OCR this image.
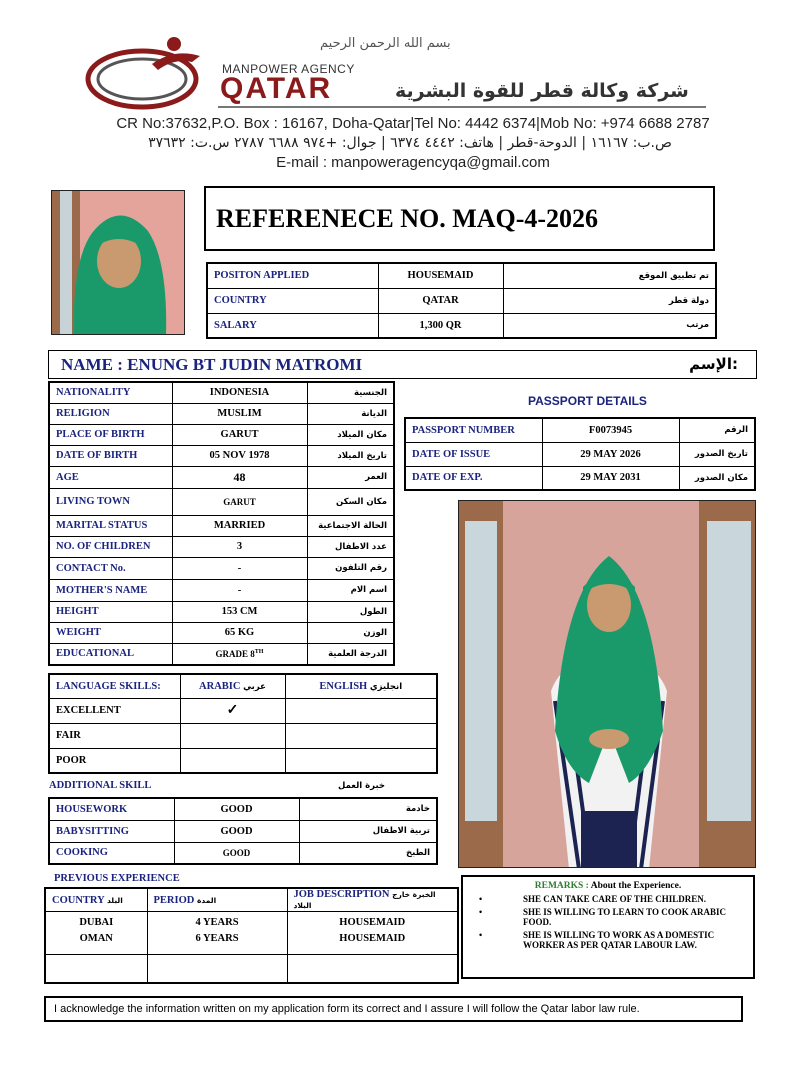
بسم الله الرحمن الرحيم
MANPOWER AGENCY
QATAR	شركة وكالة قطر للقوة البشرية
CR No:37632,P.O. Box : 16167, Doha-Qatar|Tel No: 4442 6374|Mob No: +974 6688 2787
ص.ب: ١٦١٦٧ | الدوحة-قطر | هاتف: ٤٤٤٢ ٦٣٧٤ | جوال: +٩٧٤ ٦٦٨٨ ٢٧٨٧ س.ت: ٣٧٦٣٢
E-mail : manpoweragencyqa@gmail.com
REFERENECE NO. MAQ-4-2026
POSITON APPLIED	HOUSEMAID	تم تطبيق الموقع
COUNTRY	QATAR	دولة قطر
SALARY	1,300 QR	مرتب
NAME : ENUNG BT JUDIN MATROMI	الإسم:
NATIONALITY	INDONESIA	الجنسية
RELIGION	MUSLIM	الديانة
PLACE OF BIRTH	GARUT	مكان الميلاد
DATE OF BIRTH	05 NOV 1978	تاريخ الميلاد
AGE	48	العمر
LIVING TOWN	GARUT	مكان السكن
MARITAL STATUS	MARRIED	الحالة الاجتماعية
NO. OF CHILDREN	3	عدد الاطفال
CONTACT No.	-	رقم التلفون
MOTHER'S NAME	-	اسم الام
HEIGHT	153 CM	الطول
WEIGHT	65 KG	الوزن
EDUCATIONAL	GRADE 8TH	الدرجة العلمية
PASSPORT DETAILS
PASSPORT NUMBER	F0073945	الرقم
DATE OF ISSUE	29 MAY 2026	تاريخ الصدور
DATE OF EXP.	29 MAY 2031	مكان الصدور
LANGUAGE SKILLS:	ARABIC عربي	ENGLISH انجليزي
EXCELLENT	✓	
FAIR		
POOR		
ADDITIONAL SKILL	خبرة العمل
HOUSEWORK	GOOD	خادمة
BABYSITTING	GOOD	تربية الاطفال
COOKING	GOOD	الطبخ
PREVIOUS EXPERIENCE
COUNTRY البلد	PERIOD المدة	JOB DESCRIPTION الخبرة خارج البلاد
DUBAI	4 YEARS	HOUSEMAID
OMAN	6 YEARS	HOUSEMAID

REMARKS : About the Experience.
• SHE CAN TAKE CARE OF THE CHILDREN.
• SHE IS WILLING TO LEARN TO COOK ARABIC FOOD.
• SHE IS WILLING TO WORK AS A DOMESTIC WORKER AS PER QATAR LABOUR LAW.
I acknowledge the information written on my application form its correct and I assure I will follow the Qatar labor law rule.
